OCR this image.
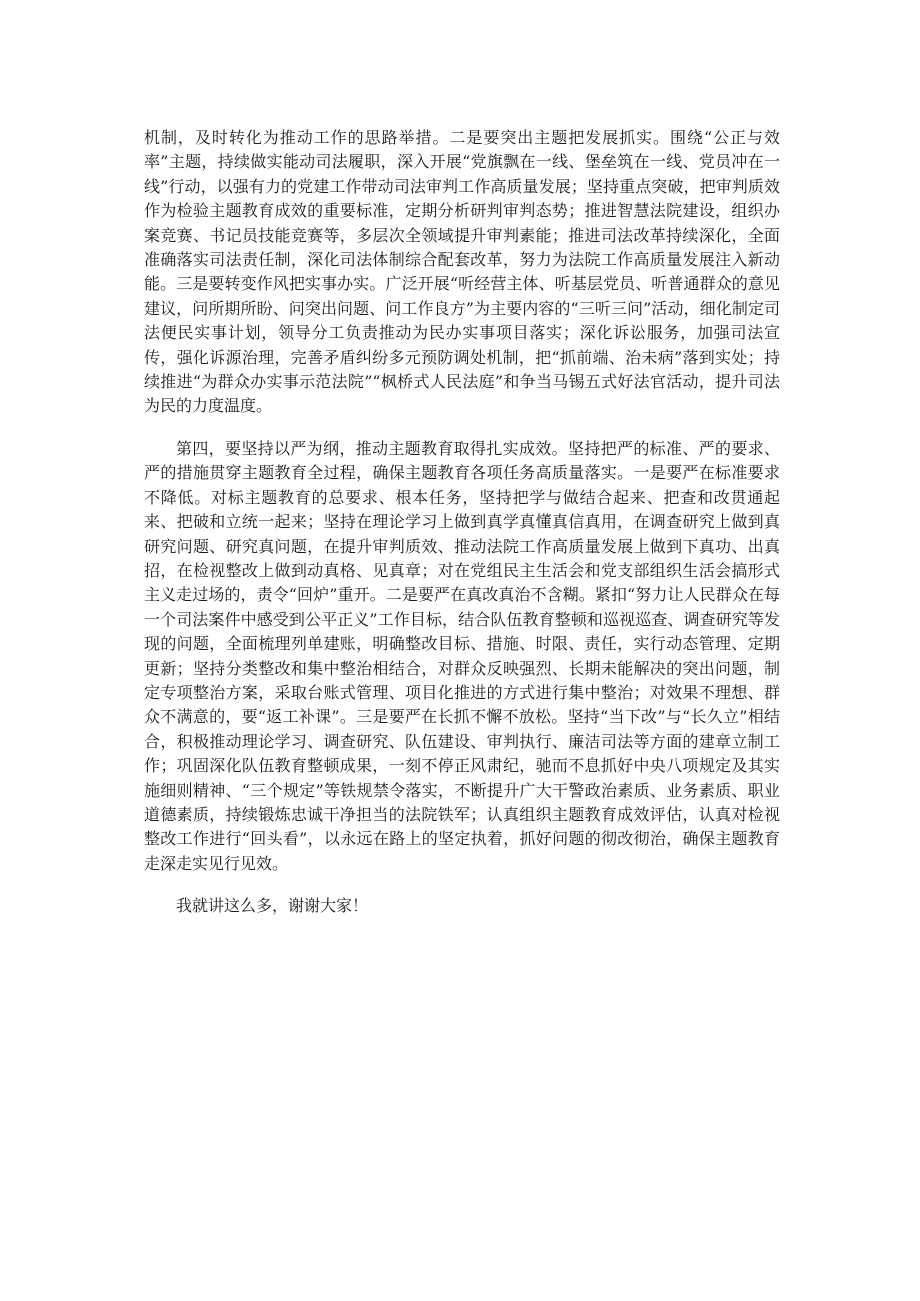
机制，及时转化为推动工作的思路举措。二是要突出主题把发展抓实。围绕“公正与效率”主题，持续做实能动司法履职，深入开展“党旗飘在一线、堡垒筑在一线、党员冲在一线”行动，以强有力的党建工作带动司法审判工作高质量发展；坚持重点突破，把审判质效作为检验主题教育成效的重要标准，定期分析研判审判态势；推进智慧法院建设，组织办案竞赛、书记员技能竞赛等，多层次全领域提升审判素能；推进司法改革持续深化，全面准确落实司法责任制，深化司法体制综合配套改革，努力为法院工作高质量发展注入新动能。三是要转变作风把实事办实。广泛开展“听经营主体、听基层党员、听普通群众的意见建议，问所期所盼、问突出问题、问工作良方”为主要内容的“三听三问”活动，细化制定司法便民实事计划，领导分工负责推动为民办实事项目落实；深化诉讼服务，加强司法宣传，强化诉源治理，完善矛盾纠纷多元预防调处机制，把“抓前端、治未病”落到实处；持续推进“为群众办实事示范法院”“枫桥式人民法庭”和争当马锡五式好法官活动，提升司法为民的力度温度。

第四，要坚持以严为纲，推动主题教育取得扎实成效。坚持把严的标准、严的要求、严的措施贯穿主题教育全过程，确保主题教育各项任务高质量落实。一是要严在标准要求不降低。对标主题教育的总要求、根本任务，坚持把学与做结合起来、把查和改贯通起来、把破和立统一起来；坚持在理论学习上做到真学真懂真信真用，在调查研究上做到真研究问题、研究真问题，在提升审判质效、推动法院工作高质量发展上做到下真功、出真招，在检视整改上做到动真格、见真章；对在党组民主生活会和党支部组织生活会搞形式主义走过场的，责令“回炉”重开。二是要严在真改真治不含糊。紧扣“努力让人民群众在每一个司法案件中感受到公平正义”工作目标，结合队伍教育整顿和巡视巡查、调查研究等发现的问题，全面梳理列单建账，明确整改目标、措施、时限、责任，实行动态管理、定期更新；坚持分类整改和集中整治相结合，对群众反映强烈、长期未能解决的突出问题，制定专项整治方案，采取台账式管理、项目化推进的方式进行集中整治；对效果不理想、群众不满意的，要“返工补课”。三是要严在长抓不懈不放松。坚持“当下改”与“长久立”相结合，积极推动理论学习、调查研究、队伍建设、审判执行、廉洁司法等方面的建章立制工作；巩固深化队伍教育整顿成果，一刻不停正风肃纪，驰而不息抓好中央八项规定及其实施细则精神、“三个规定”等铁规禁令落实，不断提升广大干警政治素质、业务素质、职业道德素质，持续锻炼忠诚干净担当的法院铁军；认真组织主题教育成效评估，认真对检视整改工作进行“回头看”，以永远在路上的坚定执着，抓好问题的彻改彻治，确保主题教育走深走实见行见效。

我就讲这么多，谢谢大家！
